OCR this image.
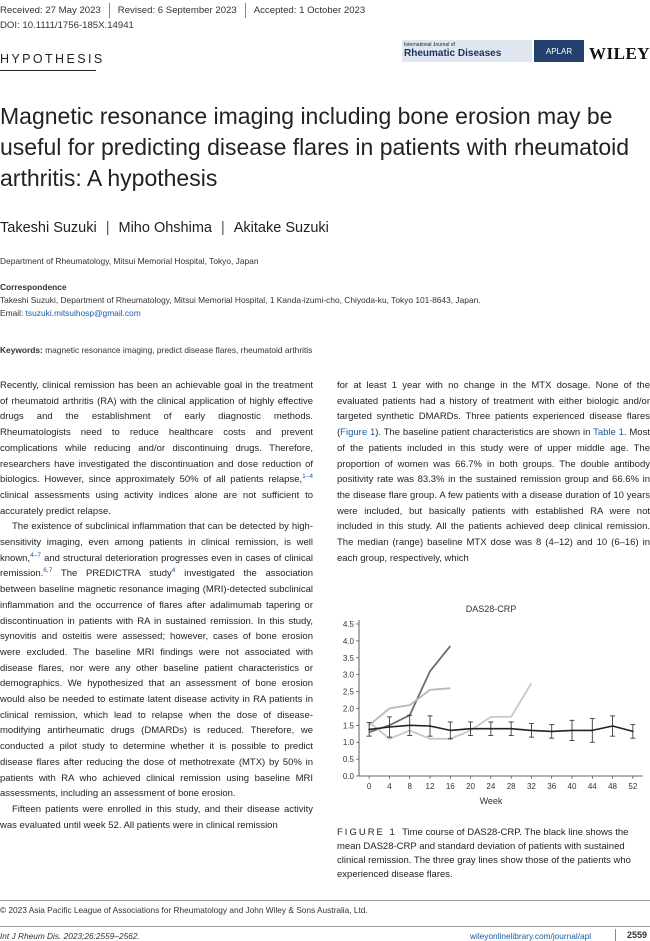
Received: 27 May 2023	Revised: 6 September 2023	Accepted: 1 October 2023
DOI: 10.1111/1756-185X.14941
HYPOTHESIS
International Journal of
Rheumatic Diseases	APLAR WILEY
Magnetic resonance imaging including bone erosion may be useful for predicting disease flares in patients with rheumatoid arthritis: A hypothesis
Takeshi Suzuki | Miho Ohshima | Akitake Suzuki
Department of Rheumatology, Mitsui Memorial Hospital, Tokyo, Japan
Correspondence
Takeshi Suzuki, Department of Rheumatology, Mitsui Memorial Hospital, 1 Kanda-izumi-cho, Chiyoda-ku, Tokyo 101-8643, Japan.
Email: tsuzuki.mitsuihosp@gmail.com
Keywords: magnetic resonance imaging, predict disease flares, rheumatoid arthritis

Recently, clinical remission has been an achievable goal in the treatment of rheumatoid arthritis (RA) with the clinical application of highly effective drugs and the establishment of early diagnostic methods. Rheumatologists need to reduce healthcare costs and prevent complications while reducing and/or discontinuing drugs. Therefore, researchers have investigated the discontinuation and dose reduction of biologics. However, since approximately 50% of all patients relapse,$^{1-4}$ clinical assessments using activity indices alone are not sufficient to accurately predict relapse.

The existence of subclinical inflammation that can be detected by high-sensitivity imaging, even among patients in clinical remission, is well known,$^{4-7}$ and structural deterioration progresses even in cases of clinical remission.$^{6,7}$ The PREDICTRA study$^4$ investigated the association between baseline magnetic resonance imaging (MRI)-detected subclinical inflammation and the occurrence of flares after adalimumab tapering or discontinuation in patients with RA in sustained remission. In this study, synovitis and osteitis were assessed; however, cases of bone erosion were excluded. The baseline MRI findings were not associated with disease flares, nor were any other baseline patient characteristics or demographics. We hypothesized that an assessment of bone erosion would also be needed to estimate latent disease activity in RA patients in clinical remission, which lead to relapse when the dose of disease-modifying antirheumatic drugs (DMARDs) is reduced. Therefore, we conducted a pilot study to determine whether it is possible to predict disease flares after reducing the dose of methotrexate (MTX) by 50% in patients with RA who achieved clinical remission using baseline MRI assessments, including an assessment of bone erosion.

Fifteen patients were enrolled in this study, and their disease activity was evaluated until week 52. All patients were in clinical remission

for at least 1 year with no change in the MTX dosage. None of the evaluated patients had a history of treatment with either biologic and/or targeted synthetic DMARDs. Three patients experienced disease flares (Figure 1). The baseline patient characteristics are shown in Table 1. Most of the patients included in this study were of upper middle age. The proportion of women was 66.7% in both groups. The double antibody positivity rate was 83.3% in the sustained remission group and 66.6% in the disease flare group. A few patients with a disease duration of 10 years were included, but basically patients with established RA were not included in this study. All the patients achieved deep clinical remission. The median (range) baseline MTX dose was 8 (4–12) and 10 (6–16) in each group, respectively, which

DAS28-CRP
0.0
0.5
1.0
1.5
2.0
2.5
3.0
3.5
4.0
4.5
0 4 8 12 16 20 24 28 32 36 40 44 48 52
Week
FIGURE 1 Time course of DAS28-CRP. The black line shows the mean DAS28-CRP and standard deviation of patients with sustained clinical remission. The three gray lines show those of the patients who experienced disease flares.
© 2023 Asia Pacific League of Associations for Rheumatology and John Wiley & Sons Australia, Ltd.
Int J Rheum Dis. 2023;26:2559–2562.	wileyonlinelibrary.com/journal/apl	2559
